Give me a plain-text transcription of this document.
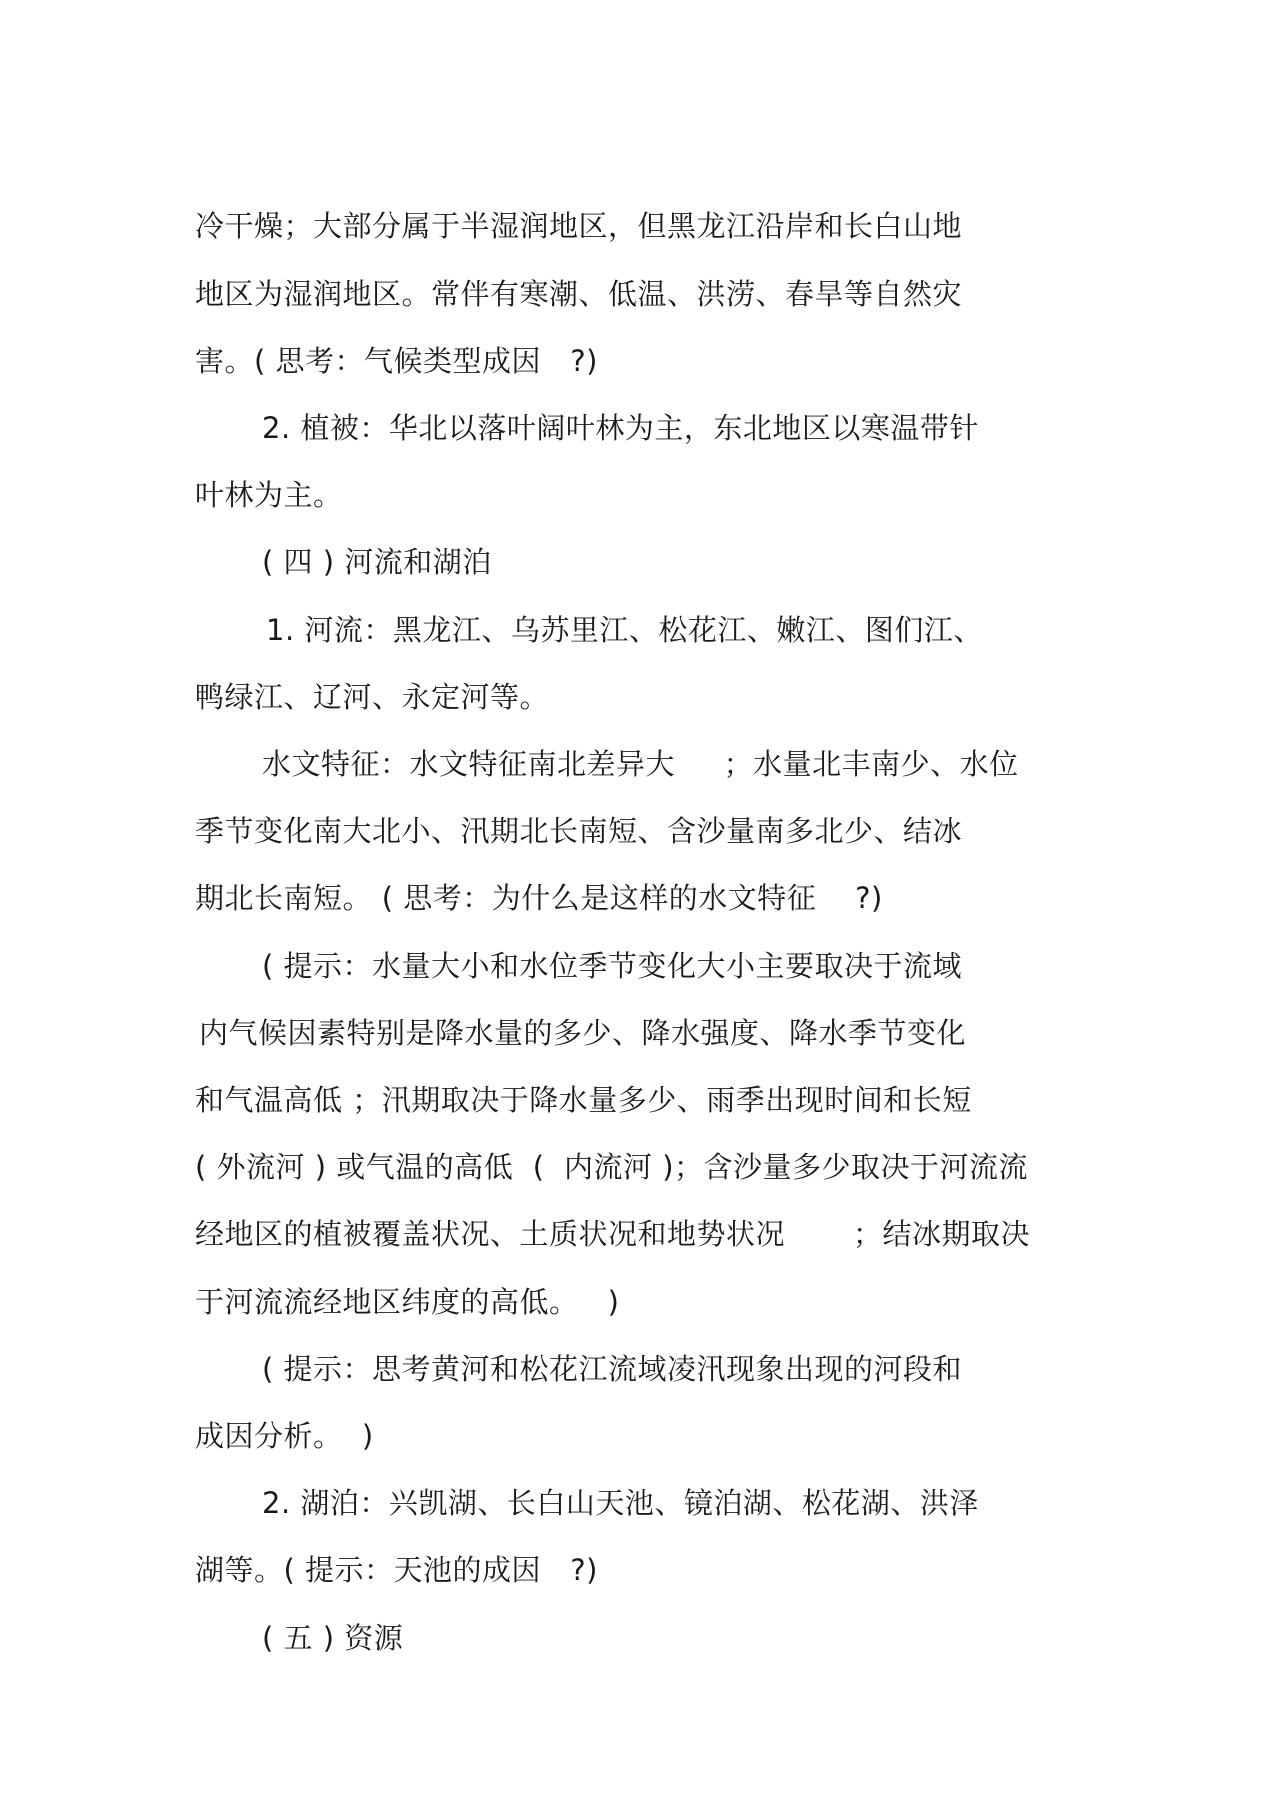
冷干燥；大部分属于半湿润地区，但黑龙江沿岸和长白山地

地区为湿润地区。常伴有寒潮、低温、洪涝、春旱等自然灾

害。( 思考：气候类型成因   ?)

2. 植被：华北以落叶阔叶林为主，东北地区以寒温带针

叶林为主。

( 四 ) 河流和湖泊

1. 河流：黑龙江、乌苏里江、松花江、嫩江、图们江、

鸭绿江、辽河、永定河等。

水文特征：水文特征南北差异大     ；水量北丰南少、水位

季节变化南大北小、汛期北长南短、含沙量南多北少、结冰

期北长南短。 ( 思考：为什么是这样的水文特征    ?)

( 提示：水量大小和水位季节变化大小主要取决于流域

内气候因素特别是降水量的多少、降水强度、降水季节变化

和气温高低 ；汛期取决于降水量多少、雨季出现时间和长短

( 外流河 ) 或气温的高低  (  内流河 )；含沙量多少取决于河流流

经地区的植被覆盖状况、土质状况和地势状况       ；结冰期取决

于河流流经地区纬度的高低。   )

( 提示：思考黄河和松花江流域凌汛现象出现的河段和

成因分析。  )

2. 湖泊：兴凯湖、长白山天池、镜泊湖、松花湖、洪泽

湖等。( 提示：天池的成因   ?)

( 五 ) 资源
